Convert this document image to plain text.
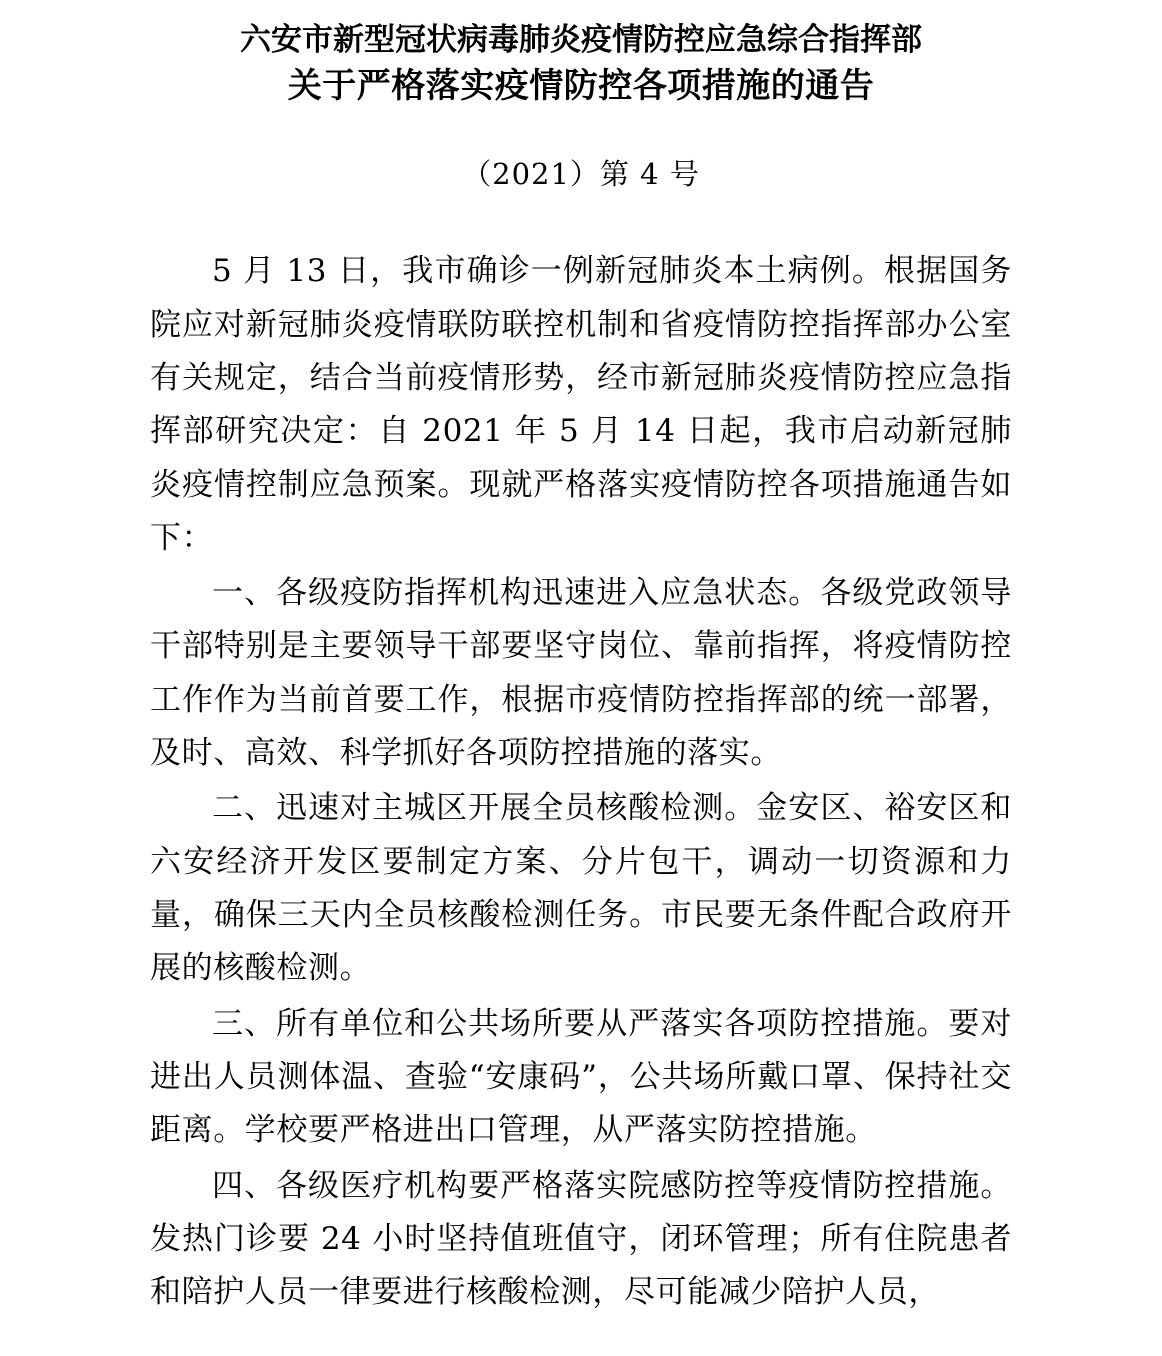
六安市新型冠状病毒肺炎疫情防控应急综合指挥部
关于严格落实疫情防控各项措施的通告
（2021）第 4 号

5 月 13 日，我市确诊一例新冠肺炎本土病例。根据国务院应对新冠肺炎疫情联防联控机制和省疫情防控指挥部办公室有关规定，结合当前疫情形势，经市新冠肺炎疫情防控应急指挥部研究决定：自 2021 年 5 月 14 日起，我市启动新冠肺炎疫情控制应急预案。现就严格落实疫情防控各项措施通告如下：

一、各级疫防指挥机构迅速进入应急状态。各级党政领导干部特别是主要领导干部要坚守岗位、靠前指挥，将疫情防控工作作为当前首要工作，根据市疫情防控指挥部的统一部署，及时、高效、科学抓好各项防控措施的落实。

二、迅速对主城区开展全员核酸检测。金安区、裕安区和六安经济开发区要制定方案、分片包干，调动一切资源和力量，确保三天内全员核酸检测任务。市民要无条件配合政府开展的核酸检测。

三、所有单位和公共场所要从严落实各项防控措施。要对进出人员测体温、查验“安康码”，公共场所戴口罩、保持社交距离。学校要严格进出口管理，从严落实防控措施。

四、各级医疗机构要严格落实院感防控等疫情防控措施。发热门诊要 24 小时坚持值班值守，闭环管理；所有住院患者和陪护人员一律要进行核酸检测，尽可能减少陪护人员，
